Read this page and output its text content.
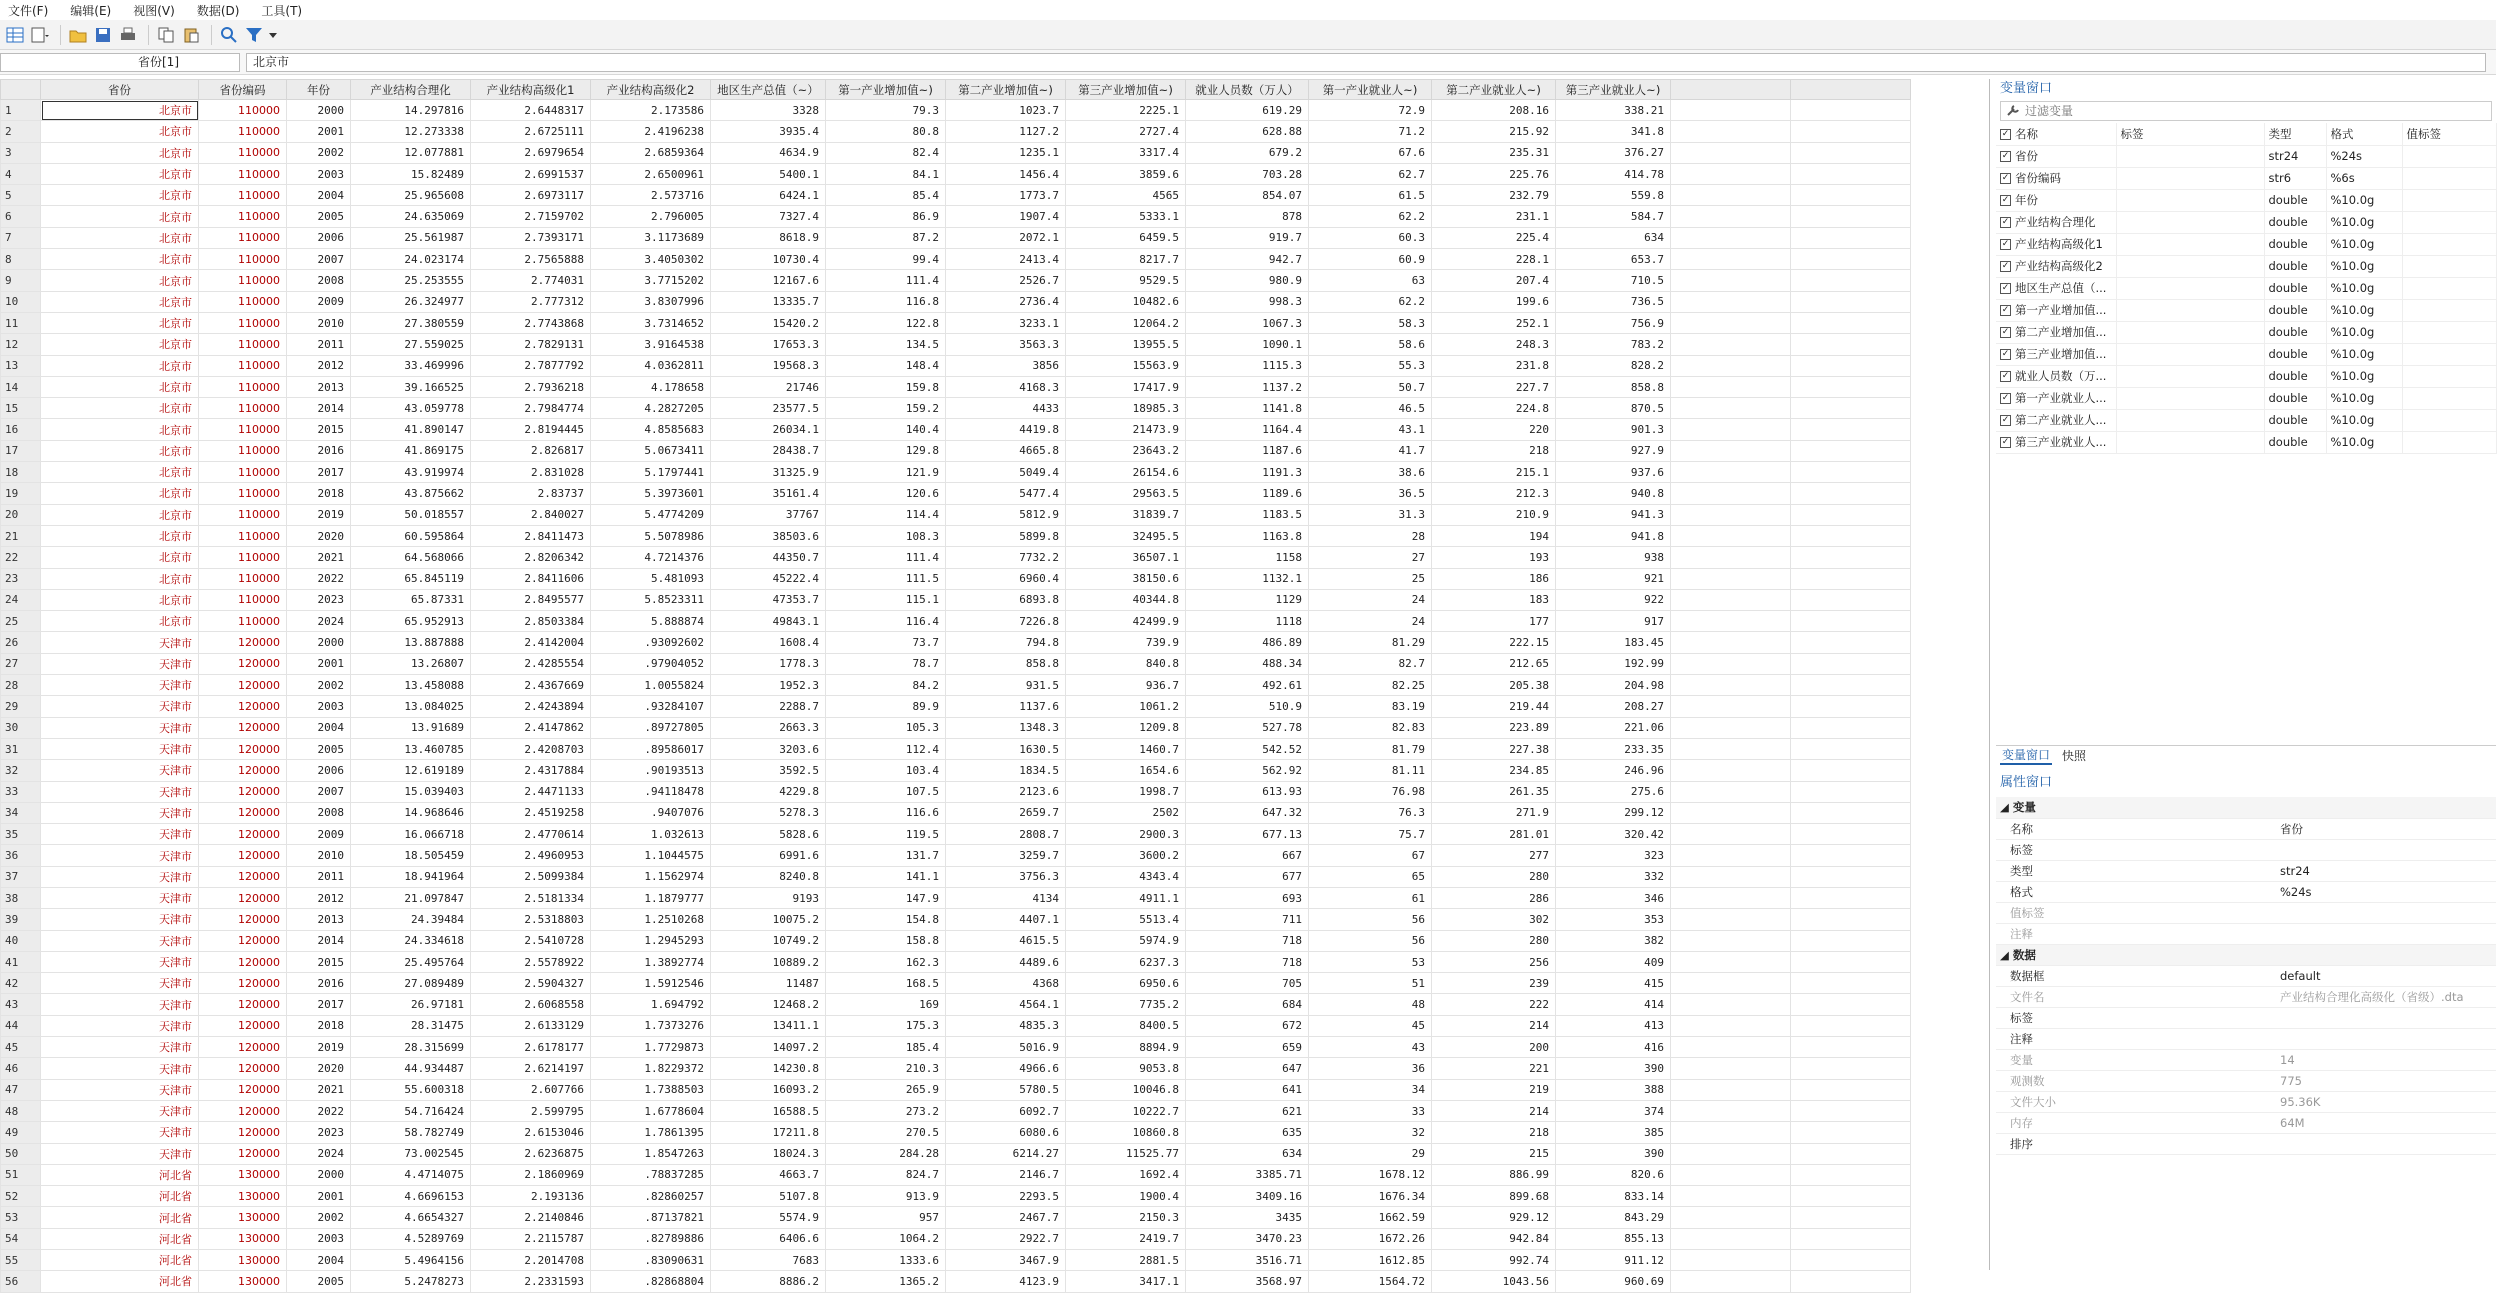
文件(F) 编辑(E) 视图(V) 数据(D) 工具(T)
省份[1]	北京市
	省份	省份编码	年份	产业结构合理化	产业结构高级化1	产业结构高级化2	地区生产总值（~）	第一产业增加值~)	第二产业增加值~)	第三产业增加值~)	就业人员数（万人）	第一产业就业人~)	第二产业就业人~)	第三产业就业人~)		
1	北京市	110000	2000	14.297816	2.6448317	2.173586	3328	79.3	1023.7	2225.1	619.29	72.9	208.16	338.21		
2	北京市	110000	2001	12.273338	2.6725111	2.4196238	3935.4	80.8	1127.2	2727.4	628.88	71.2	215.92	341.8		
3	北京市	110000	2002	12.077881	2.6979654	2.6859364	4634.9	82.4	1235.1	3317.4	679.2	67.6	235.31	376.27		
4	北京市	110000	2003	15.82489	2.6991537	2.6500961	5400.1	84.1	1456.4	3859.6	703.28	62.7	225.76	414.78		
5	北京市	110000	2004	25.965608	2.6973117	2.573716	6424.1	85.4	1773.7	4565	854.07	61.5	232.79	559.8		
6	北京市	110000	2005	24.635069	2.7159702	2.796005	7327.4	86.9	1907.4	5333.1	878	62.2	231.1	584.7		
7	北京市	110000	2006	25.561987	2.7393171	3.1173689	8618.9	87.2	2072.1	6459.5	919.7	60.3	225.4	634		
8	北京市	110000	2007	24.023174	2.7565888	3.4050302	10730.4	99.4	2413.4	8217.7	942.7	60.9	228.1	653.7		
9	北京市	110000	2008	25.253555	2.774031	3.7715202	12167.6	111.4	2526.7	9529.5	980.9	63	207.4	710.5		
10	北京市	110000	2009	26.324977	2.777312	3.8307996	13335.7	116.8	2736.4	10482.6	998.3	62.2	199.6	736.5		
11	北京市	110000	2010	27.380559	2.7743868	3.7314652	15420.2	122.8	3233.1	12064.2	1067.3	58.3	252.1	756.9		
12	北京市	110000	2011	27.559025	2.7829131	3.9164538	17653.3	134.5	3563.3	13955.5	1090.1	58.6	248.3	783.2		
13	北京市	110000	2012	33.469996	2.7877792	4.0362811	19568.3	148.4	3856	15563.9	1115.3	55.3	231.8	828.2		
14	北京市	110000	2013	39.166525	2.7936218	4.178658	21746	159.8	4168.3	17417.9	1137.2	50.7	227.7	858.8		
15	北京市	110000	2014	43.059778	2.7984774	4.2827205	23577.5	159.2	4433	18985.3	1141.8	46.5	224.8	870.5		
16	北京市	110000	2015	41.890147	2.8194445	4.8585683	26034.1	140.4	4419.8	21473.9	1164.4	43.1	220	901.3		
17	北京市	110000	2016	41.869175	2.826817	5.0673411	28438.7	129.8	4665.8	23643.2	1187.6	41.7	218	927.9		
18	北京市	110000	2017	43.919974	2.831028	5.1797441	31325.9	121.9	5049.4	26154.6	1191.3	38.6	215.1	937.6		
19	北京市	110000	2018	43.875662	2.83737	5.3973601	35161.4	120.6	5477.4	29563.5	1189.6	36.5	212.3	940.8		
20	北京市	110000	2019	50.018557	2.840027	5.4774209	37767	114.4	5812.9	31839.7	1183.5	31.3	210.9	941.3		
21	北京市	110000	2020	60.595864	2.8411473	5.5078986	38503.6	108.3	5899.8	32495.5	1163.8	28	194	941.8		
22	北京市	110000	2021	64.568066	2.8206342	4.7214376	44350.7	111.4	7732.2	36507.1	1158	27	193	938		
23	北京市	110000	2022	65.845119	2.8411606	5.481093	45222.4	111.5	6960.4	38150.6	1132.1	25	186	921		
24	北京市	110000	2023	65.87331	2.8495577	5.8523311	47353.7	115.1	6893.8	40344.8	1129	24	183	922		
25	北京市	110000	2024	65.952913	2.8503384	5.888874	49843.1	116.4	7226.8	42499.9	1118	24	177	917		
26	天津市	120000	2000	13.887888	2.4142004	.93092602	1608.4	73.7	794.8	739.9	486.89	81.29	222.15	183.45		
27	天津市	120000	2001	13.26807	2.4285554	.97904052	1778.3	78.7	858.8	840.8	488.34	82.7	212.65	192.99		
28	天津市	120000	2002	13.458088	2.4367669	1.0055824	1952.3	84.2	931.5	936.7	492.61	82.25	205.38	204.98		
29	天津市	120000	2003	13.084025	2.4243894	.93284107	2288.7	89.9	1137.6	1061.2	510.9	83.19	219.44	208.27		
30	天津市	120000	2004	13.91689	2.4147862	.89727805	2663.3	105.3	1348.3	1209.8	527.78	82.83	223.89	221.06		
31	天津市	120000	2005	13.460785	2.4208703	.89586017	3203.6	112.4	1630.5	1460.7	542.52	81.79	227.38	233.35		
32	天津市	120000	2006	12.619189	2.4317884	.90193513	3592.5	103.4	1834.5	1654.6	562.92	81.11	234.85	246.96		
33	天津市	120000	2007	15.039403	2.4471133	.94118478	4229.8	107.5	2123.6	1998.7	613.93	76.98	261.35	275.6		
34	天津市	120000	2008	14.968646	2.4519258	.9407076	5278.3	116.6	2659.7	2502	647.32	76.3	271.9	299.12		
35	天津市	120000	2009	16.066718	2.4770614	1.032613	5828.6	119.5	2808.7	2900.3	677.13	75.7	281.01	320.42		
36	天津市	120000	2010	18.505459	2.4960953	1.1044575	6991.6	131.7	3259.7	3600.2	667	67	277	323		
37	天津市	120000	2011	18.941964	2.5099384	1.1562974	8240.8	141.1	3756.3	4343.4	677	65	280	332		
38	天津市	120000	2012	21.097847	2.5181334	1.1879777	9193	147.9	4134	4911.1	693	61	286	346		
39	天津市	120000	2013	24.39484	2.5318803	1.2510268	10075.2	154.8	4407.1	5513.4	711	56	302	353		
40	天津市	120000	2014	24.334618	2.5410728	1.2945293	10749.2	158.8	4615.5	5974.9	718	56	280	382		
41	天津市	120000	2015	25.495764	2.5578922	1.3892774	10889.2	162.3	4489.6	6237.3	718	53	256	409		
42	天津市	120000	2016	27.089489	2.5904327	1.5912546	11487	168.5	4368	6950.6	705	51	239	415		
43	天津市	120000	2017	26.97181	2.6068558	1.694792	12468.2	169	4564.1	7735.2	684	48	222	414		
44	天津市	120000	2018	28.31475	2.6133129	1.7373276	13411.1	175.3	4835.3	8400.5	672	45	214	413		
45	天津市	120000	2019	28.315699	2.6178177	1.7729873	14097.2	185.4	5016.9	8894.9	659	43	200	416		
46	天津市	120000	2020	44.934487	2.6214197	1.8229372	14230.8	210.3	4966.6	9053.8	647	36	221	390		
47	天津市	120000	2021	55.600318	2.607766	1.7388503	16093.2	265.9	5780.5	10046.8	641	34	219	388		
48	天津市	120000	2022	54.716424	2.599795	1.6778604	16588.5	273.2	6092.7	10222.7	621	33	214	374		
49	天津市	120000	2023	58.782749	2.6153046	1.7861395	17211.8	270.5	6080.6	10860.8	635	32	218	385		
50	天津市	120000	2024	73.002545	2.6236875	1.8547263	18024.3	284.28	6214.27	11525.77	634	29	215	390		
51	河北省	130000	2000	4.4714075	2.1860969	.78837285	4663.7	824.7	2146.7	1692.4	3385.71	1678.12	886.99	820.6		
52	河北省	130000	2001	4.6696153	2.193136	.82860257	5107.8	913.9	2293.5	1900.4	3409.16	1676.34	899.68	833.14		
53	河北省	130000	2002	4.6654327	2.2140846	.87137821	5574.9	957	2467.7	2150.3	3435	1662.59	929.12	843.29		
54	河北省	130000	2003	4.5289769	2.2115787	.82789886	6406.6	1064.2	2922.7	2419.7	3470.23	1672.26	942.84	855.13		
55	河北省	130000	2004	5.4964156	2.2014708	.83090631	7683	1333.6	3467.9	2881.5	3516.71	1612.85	992.74	911.12		
56	河北省	130000	2005	5.2478273	2.2331593	.82868804	8886.2	1365.2	4123.9	3417.1	3568.97	1564.72	1043.56	960.69		
变量窗口
过滤变量
✓ 名称	标签	类型	格式	值标签
✓ 省份		str24	%24s	
✓ 省份编码		str6	%6s	
✓ 年份		double	%10.0g	
✓ 产业结构合理化		double	%10.0g	
✓ 产业结构高级化1		double	%10.0g	
✓ 产业结构高级化2		double	%10.0g	
✓ 地区生产总值（...		double	%10.0g	
✓ 第一产业增加值...		double	%10.0g	
✓ 第二产业增加值...		double	%10.0g	
✓ 第三产业增加值...		double	%10.0g	
✓ 就业人员数（万...		double	%10.0g	
✓ 第一产业就业人...		double	%10.0g	
✓ 第二产业就业人...		double	%10.0g	
✓ 第三产业就业人...		double	%10.0g	
变量窗口 快照
属性窗口
◢ 变量	
名称	省份
标签	
类型	str24
格式	%24s
值标签	
注释	
◢ 数据	
数据框	default
文件名	产业结构合理化高级化（省级）.dta
标签	
注释	
变量	14
观测数	775
文件大小	95.36K
内存	64M
排序	
